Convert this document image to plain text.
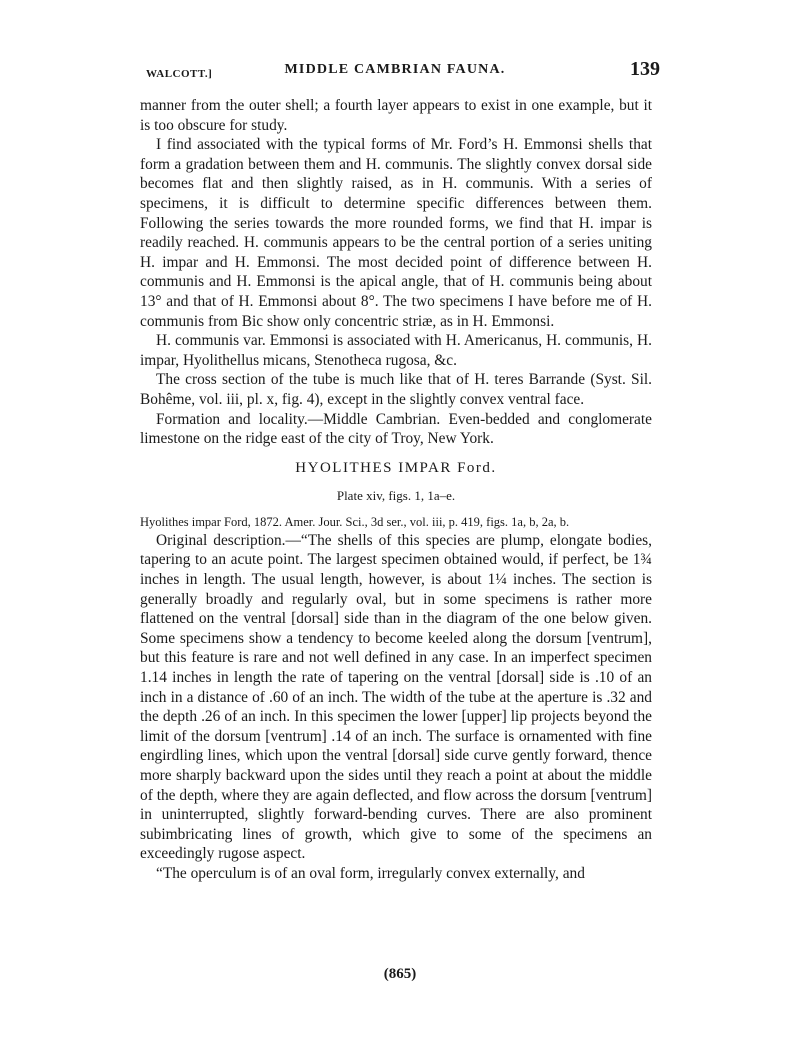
WALCOTT.]	MIDDLE CAMBRIAN FAUNA.	139

manner from the outer shell; a fourth layer appears to exist in one example, but it is too obscure for study.

I find associated with the typical forms of Mr. Ford’s H. Emmonsi shells that form a gradation between them and H. communis. The slightly convex dorsal side becomes flat and then slightly raised, as in H. communis. With a series of specimens, it is difficult to determine specific differences between them. Following the series towards the more rounded forms, we find that H. impar is readily reached. H. communis appears to be the central portion of a series uniting H. impar and H. Emmonsi. The most decided point of difference between H. communis and H. Emmonsi is the apical angle, that of H. communis being about 13° and that of H. Emmonsi about 8°. The two specimens I have before me of H. communis from Bic show only concentric striæ, as in H. Emmonsi.

H. communis var. Emmonsi is associated with H. Americanus, H. communis, H. impar, Hyolithellus micans, Stenotheca rugosa, &c.

The cross section of the tube is much like that of H. teres Barrande (Syst. Sil. Bohême, vol. iii, pl. x, fig. 4), except in the slightly convex ventral face.

Formation and locality.—Middle Cambrian. Even-bedded and conglomerate limestone on the ridge east of the city of Troy, New York.

HYOLITHES IMPAR Ford.

Plate xiv, figs. 1, 1a–e.

Hyolithes impar Ford, 1872. Amer. Jour. Sci., 3d ser., vol. iii, p. 419, figs. 1a, b, 2a, b.

Original description.—“The shells of this species are plump, elongate bodies, tapering to an acute point. The largest specimen obtained would, if perfect, be 1¾ inches in length. The usual length, however, is about 1¼ inches. The section is generally broadly and regularly oval, but in some specimens is rather more flattened on the ventral [dorsal] side than in the diagram of the one below given. Some specimens show a tendency to become keeled along the dorsum [ventrum], but this feature is rare and not well defined in any case. In an imperfect specimen 1.14 inches in length the rate of tapering on the ventral [dorsal] side is .10 of an inch in a distance of .60 of an inch. The width of the tube at the aperture is .32 and the depth .26 of an inch. In this specimen the lower [upper] lip projects beyond the limit of the dorsum [ventrum] .14 of an inch. The surface is ornamented with fine engirdling lines, which upon the ventral [dorsal] side curve gently forward, thence more sharply backward upon the sides until they reach a point at about the middle of the depth, where they are again deflected, and flow across the dorsum [ventrum] in uninterrupted, slightly forward-bending curves. There are also prominent subimbricating lines of growth, which give to some of the specimens an exceedingly rugose aspect.

“The operculum is of an oval form, irregularly convex externally, and

(865)
